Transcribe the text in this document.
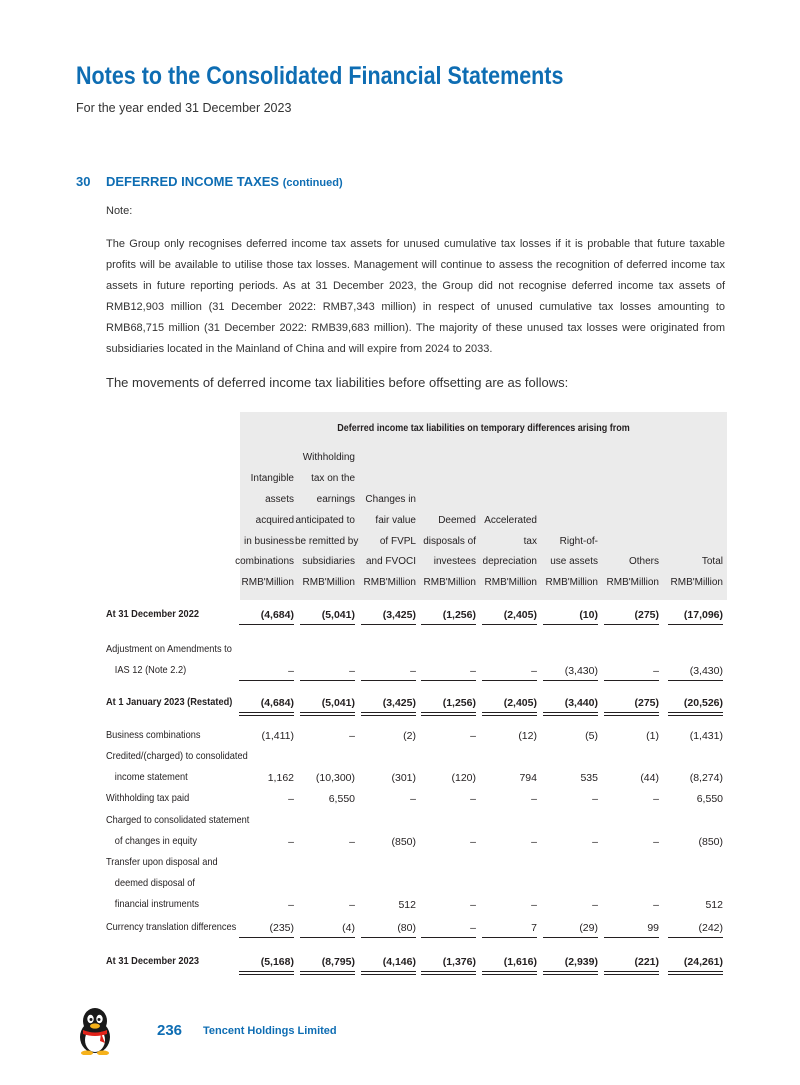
Notes to the Consolidated Financial Statements
For the year ended 31 December 2023
30 DEFERRED INCOME TAXES (continued)
Note:
The Group only recognises deferred income tax assets for unused cumulative tax losses if it is probable that future taxable profits will be available to utilise those tax losses. Management will continue to assess the recognition of deferred income tax assets in future reporting periods. As at 31 December 2023, the Group did not recognise deferred income tax assets of RMB12,903 million (31 December 2022: RMB7,343 million) in respect of unused cumulative tax losses amounting to RMB68,715 million (31 December 2022: RMB39,683 million). The majority of these unused tax losses were originated from subsidiaries located in the Mainland of China and will expire from 2024 to 2033.
The movements of deferred income tax liabilities before offsetting are as follows:
Deferred income tax liabilities on temporary differences arising from
Intangible
assets
acquired
in business
combinations
RMB'Million
Withholding
tax on the
earnings
anticipated to
be remitted by
subsidiaries
RMB'Million
Changes in
fair value
of FVPL
and FVOCI
RMB'Million
Deemed
disposals of
investees
RMB'Million
Accelerated
tax
depreciation
RMB'Million
Right-of-
use assets
RMB'Million
Others
RMB'Million
Total
RMB'Million
At 31 December 2022	(4,684)	(5,041)	(3,425)	(1,256)	(2,405)	(10)	(275)	(17,096)
Adjustment on Amendments to
IAS 12 (Note 2.2)	–	–	–	–	–	(3,430)	–	(3,430)
At 1 January 2023 (Restated)	(4,684)	(5,041)	(3,425)	(1,256)	(2,405)	(3,440)	(275)	(20,526)
Business combinations	(1,411)	–	(2)	–	(12)	(5)	(1)	(1,431)
Credited/(charged) to consolidated
income statement	1,162	(10,300)	(301)	(120)	794	535	(44)	(8,274)
Withholding tax paid	–	6,550	–	–	–	–	–	6,550
Charged to consolidated statement
of changes in equity	–	–	(850)	–	–	–	–	(850)
Transfer upon disposal and
deemed disposal of
financial instruments	–	–	512	–	–	–	–	512
Currency translation differences	(235)	(4)	(80)	–	7	(29)	99	(242)
At 31 December 2023	(5,168)	(8,795)	(4,146)	(1,376)	(1,616)	(2,939)	(221)	(24,261)
236 Tencent Holdings Limited
